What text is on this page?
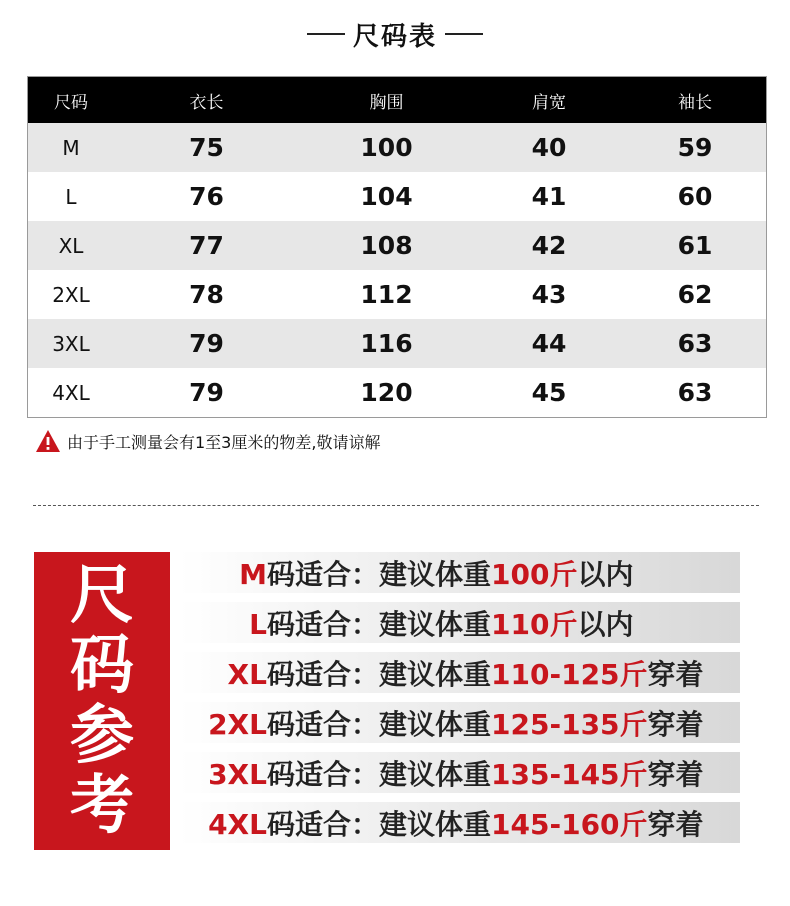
尺码表
尺码	衣长	胸围	肩宽	袖长
M	75	100	40	59
L	76	104	41	60
XL	77	108	42	61
2XL	78	112	43	62
3XL	79	116	44	63
4XL	79	120	45	63
由于手工测量会有1至3厘米的物差,敬请谅解
尺
码
参
考
M码适合： 建议体重 100斤 以内
L码适合： 建议体重 110斤 以内
XL码适合： 建议体重 110-125斤 穿着
2XL码适合： 建议体重 125-135斤 穿着
3XL码适合： 建议体重 135-145斤 穿着
4XL码适合： 建议体重 145-160斤 穿着
